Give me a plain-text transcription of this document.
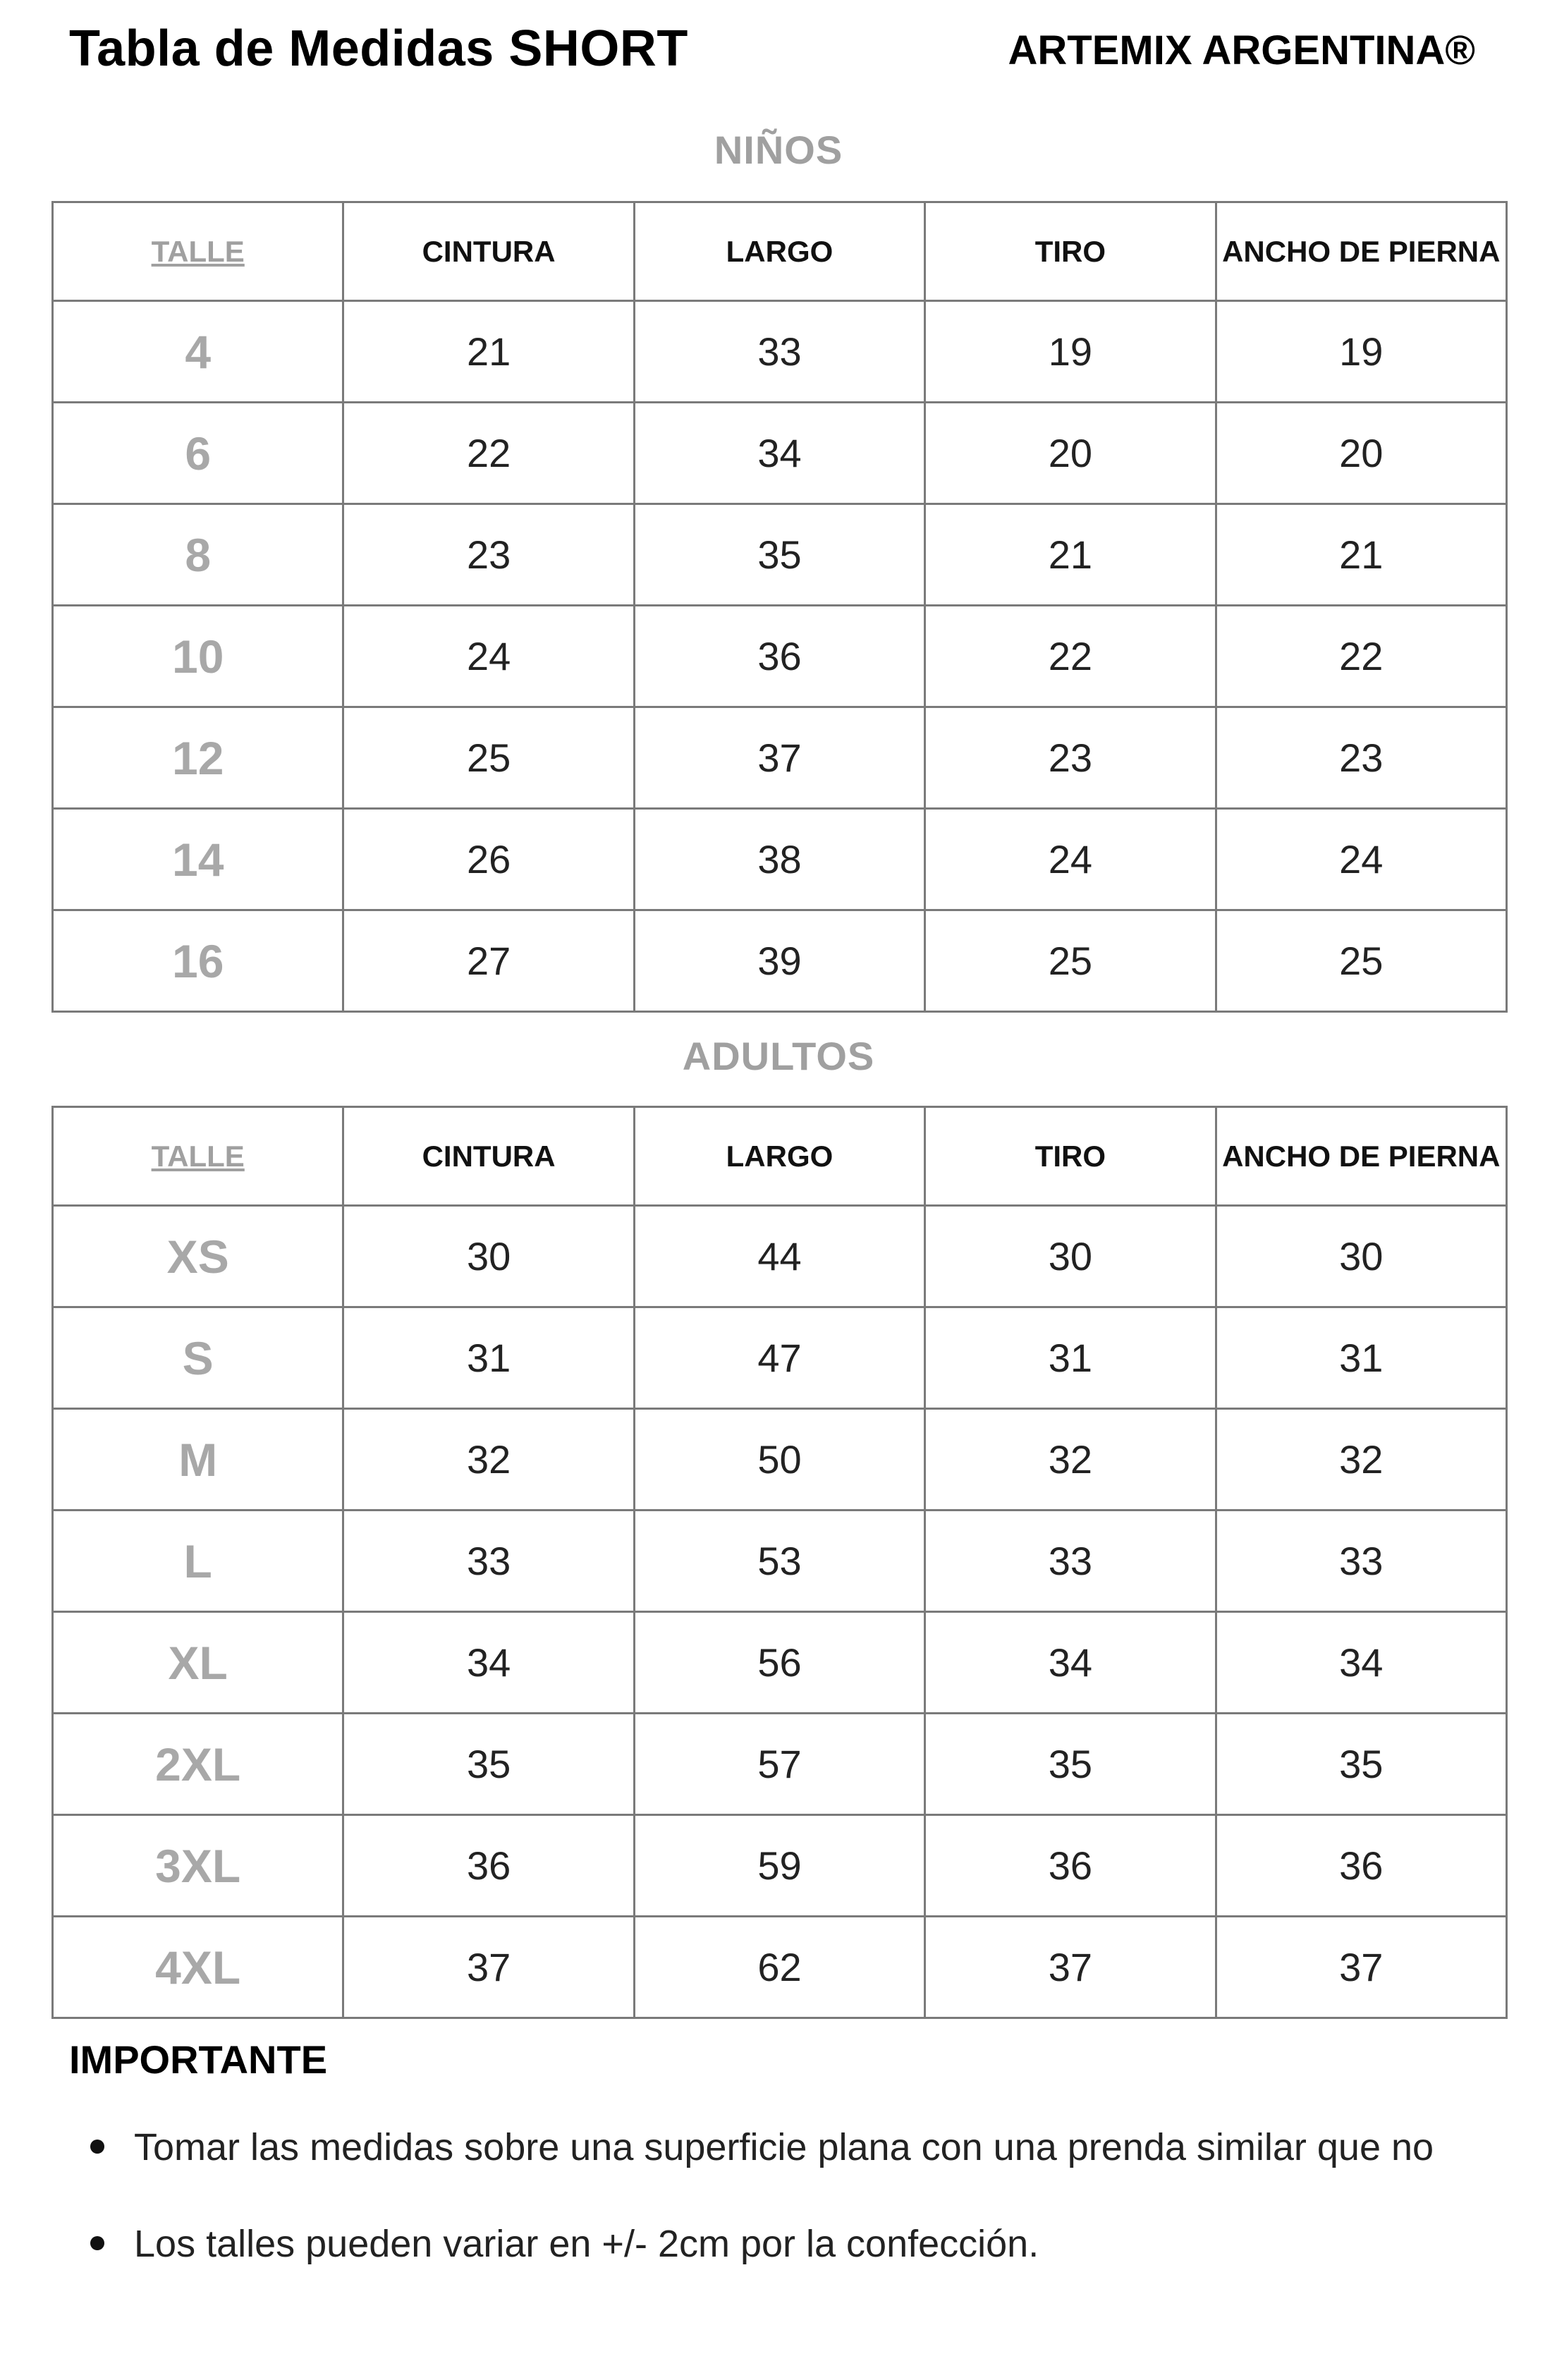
Tabla de Medidas SHORT	ARTEMIX ARGENTINA®
NIÑOS
TALLE	CINTURA	LARGO	TIRO	ANCHO DE PIERNA
4	21	33	19	19
6	22	34	20	20
8	23	35	21	21
10	24	36	22	22
12	25	37	23	23
14	26	38	24	24
16	27	39	25	25
ADULTOS
TALLE	CINTURA	LARGO	TIRO	ANCHO DE PIERNA
XS	30	44	30	30
S	31	47	31	31
M	32	50	32	32
L	33	53	33	33
XL	34	56	34	34
2XL	35	57	35	35
3XL	36	59	36	36
4XL	37	62	37	37
IMPORTANTE
Tomar las medidas sobre una superficie plana con una prenda similar que no
Los talles pueden variar en +/- 2cm por la confección.
